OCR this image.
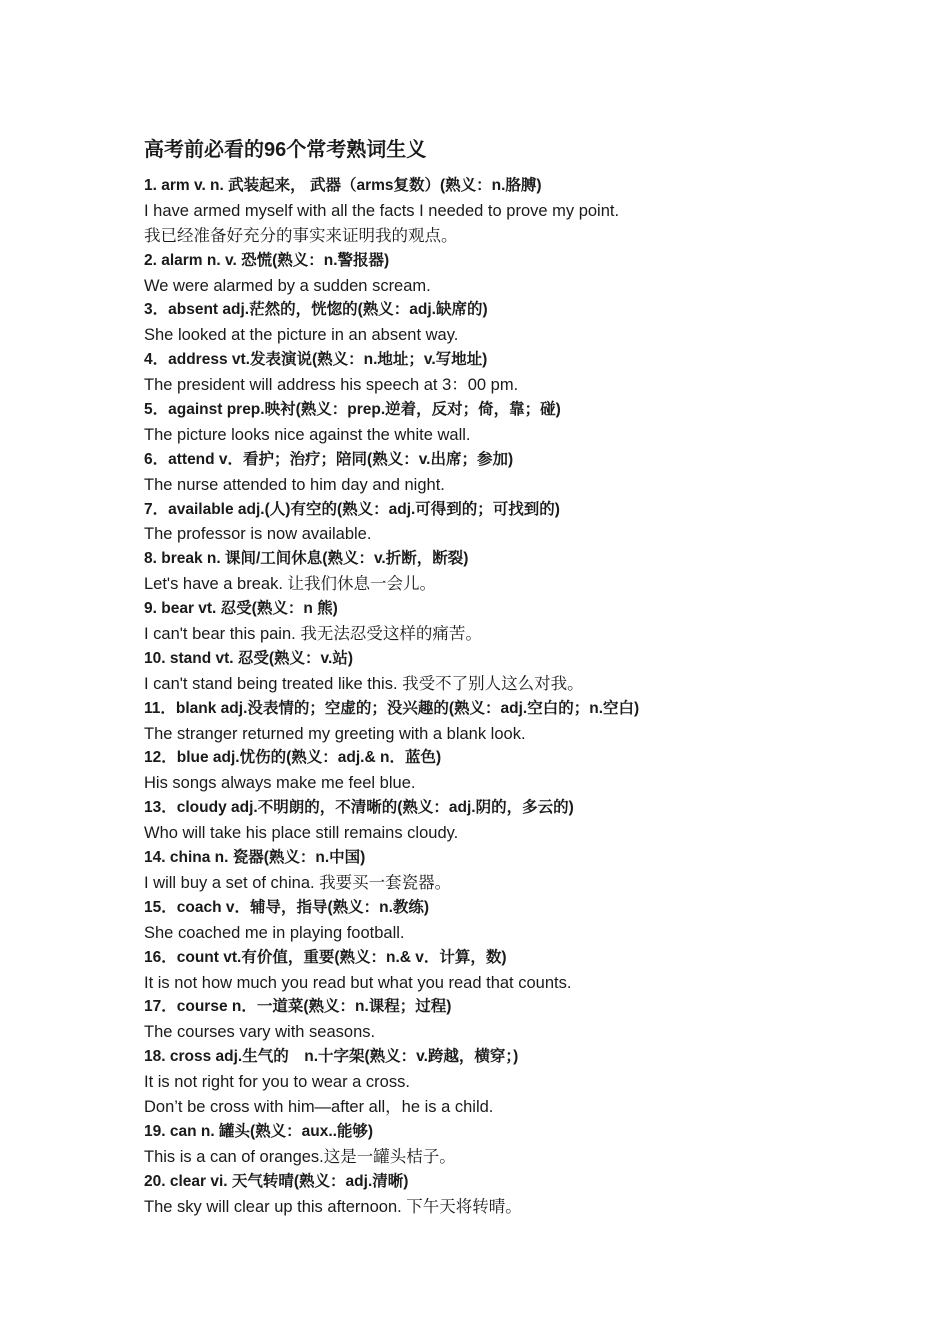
高考前必看的96个常考熟词生义
1. arm v. n. 武装起来， 武器（arms复数）(熟义：n.胳膊)
I have armed myself with all the facts I needed to prove my point.
我已经准备好充分的事实来证明我的观点。
2. alarm n. v. 恐慌(熟义：n.警报器)
We were alarmed by a sudden scream.
3．absent adj.茫然的，恍惚的(熟义：adj.缺席的)
She looked at the picture in an absent way.
4．address vt.发表演说(熟义：n.地址；v.写地址)
The president will address his speech at 3：00 pm.
5．against prep.映衬(熟义：prep.逆着，反对；倚，靠；碰)
The picture looks nice against the white wall.
6．attend v．看护；治疗；陪同(熟义：v.出席；参加)
The nurse attended to him day and night.
7．available adj.(人)有空的(熟义：adj.可得到的；可找到的)
The professor is now available.
8. break n. 课间/工间休息(熟义：v.折断，断裂)
Let's have a break. 让我们休息一会儿。
9. bear vt. 忍受(熟义：n 熊)
I can't bear this pain. 我无法忍受这样的痛苦。
10. stand vt. 忍受(熟义：v.站)
I can't stand being treated like this. 我受不了别人这么对我。
11．blank adj.没表情的；空虚的；没兴趣的(熟义：adj.空白的；n.空白)
The stranger returned my greeting with a blank look.
12．blue adj.忧伤的(熟义：adj.& n．蓝色)
His songs always make me feel blue.
13．cloudy adj.不明朗的，不清晰的(熟义：adj.阴的，多云的)
Who will take his place still remains cloudy.
14. china n. 瓷器(熟义：n.中国)
I will buy a set of china. 我要买一套瓷器。
15．coach v．辅导，指导(熟义：n.教练)
She coached me in playing football.
16．count vt.有价值，重要(熟义：n.& v．计算，数)
It is not how much you read but what you read that counts.
17．course n．一道菜(熟义：n.课程；过程)
The courses vary with seasons.
18. cross adj.生气的　n.十字架(熟义：v.跨越，横穿；)
It is not right for you to wear a cross.
Don’t be cross with him—after all，he is a child.
19. can n. 罐头(熟义：aux..能够)
This is a can of oranges.这是一罐头桔子。
20. clear vi. 天气转晴(熟义：adj.清晰)
The sky will clear up this afternoon. 下午天将转晴。
